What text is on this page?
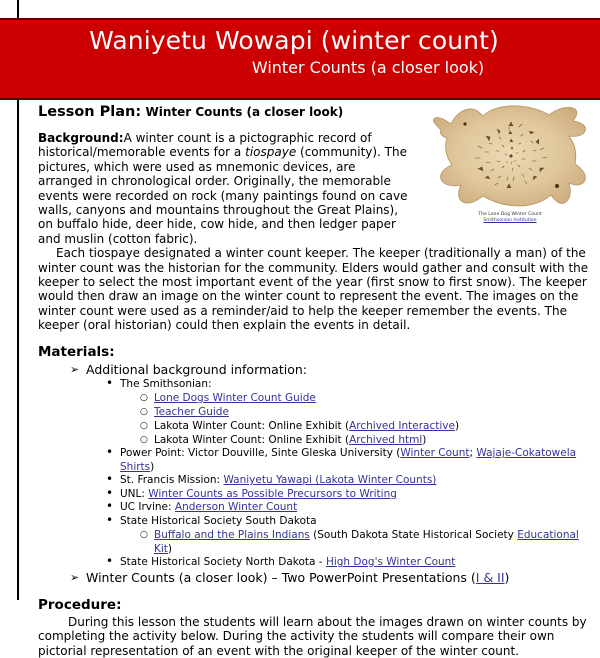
Waniyetu Wowapi (winter count)
Winter Counts (a closer look)
The Lone Dog Winter Count
Smithsonian Institution
Lesson Plan: Winter Counts (a closer look)

Background:A winter count is a pictographic record of historical/memorable events for a tiospaye (community). The pictures, which were used as mnemonic devices, are arranged in chronological order. Originally, the memorable events were recorded on rock (many paintings found on cave walls, canyons and mountains throughout the Great Plains), on buffalo hide, deer hide, cow hide, and then ledger paper and muslin (cotton fabric).

Each tiospaye designated a winter count keeper. The keeper (traditionally a man) of the winter count was the historian for the community. Elders would gather and consult with the keeper to select the most important event of the year (first snow to first snow). The keeper would then draw an image on the winter count to represent the event. The images on the winter count were used as a reminder/aid to help the keeper remember the events. The keeper (oral historian) could then explain the events in detail.

Materials:
➢ Additional background information:
• The Smithsonian:
○ Lone Dogs Winter Count Guide
○ Teacher Guide
○ Lakota Winter Count: Online Exhibit (Archived Interactive)
○ Lakota Winter Count: Online Exhibit (Archived html)
• Power Point: Victor Douville, Sinte Gleska University (Winter Count; Wajaje-Cokatowela Shirts)
• St. Francis Mission: Waniyetu Yawapi (Lakota Winter Counts)
• UNL: Winter Counts as Possible Precursors to Writing
• UC Irvine: Anderson Winter Count
• State Historical Society South Dakota
○ Buffalo and the Plains Indians (South Dakota State Historical Society Educational Kit)
• State Historical Society North Dakota - High Dog's Winter Count
➢ Winter Counts (a closer look) – Two PowerPoint Presentations (I & II)
Procedure:

During this lesson the students will learn about the images drawn on winter counts by completing the activity below. During the activity the students will compare their own pictorial representation of an event with the original keeper of the winter count.
